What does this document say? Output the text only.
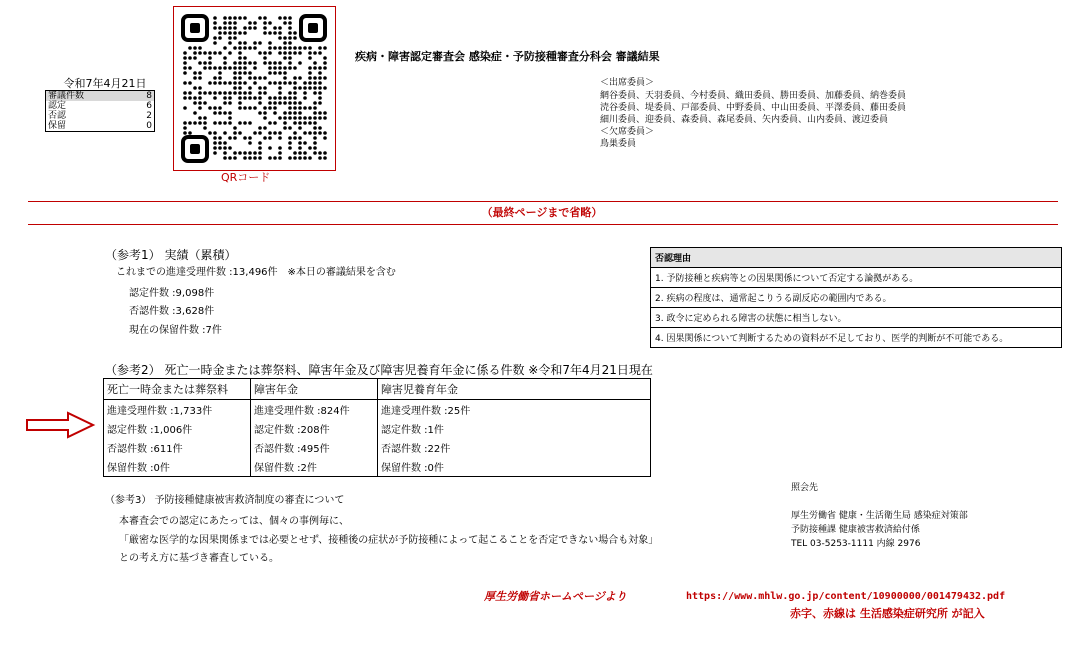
令和7年4月21日
審議件数	8
認定	6
否認	2
保留	0
QRコード
疾病・障害認定審査会 感染症・予防接種審査分科会 審議結果
＜出席委員＞
網谷委員、天羽委員、今村委員、織田委員、勝田委員、加藤委員、納巻委員
涜谷委員、堤委員、戸部委員、中野委員、中山田委員、平澤委員、藤田委員
細川委員、迎委員、森委員、森尾委員、矢内委員、山内委員、渡辺委員
＜欠席委員＞
鳥巣委員
（最終ページまで省略）
（参考1） 実績（累積）
これまでの進達受理件数 :13,496件　※本日の審議結果を含む
認定件数 :9,098件
否認件数 :3,628件
現在の保留件数 :7件
否認理由
1. 予防接種と疾病等との因果関係について否定する論拠がある。
2. 疾病の程度は、通常起こりうる副反応の範囲内である。
3. 政令に定められる障害の状態に相当しない。
4. 因果関係について判断するための資料が不足しており、医学的判断が不可能である。
（参考2） 死亡一時金または葬祭料、障害年金及び障害児養育年金に係る件数 ※令和7年4月21日現在
死亡一時金または葬祭料	障害年金	障害児養育年金
進達受理件数 :1,733件	進達受理件数 :824件	進達受理件数 :25件
認定件数 :1,006件	認定件数 :208件	認定件数 :1件
否認件数 :611件	否認件数 :495件	否認件数 :22件
保留件数 :0件	保留件数 :2件	保留件数 :0件
（参考3） 予防接種健康被害救済制度の審査について
本審査会での認定にあたっては、個々の事例毎に、
「厳密な医学的な因果関係までは必要とせず、接種後の症状が予防接種によって起こることを否定できない場合も対象」
との考え方に基づき審査している。
照会先
厚生労働省 健康・生活衛生局 感染症対策部
予防接種課 健康被害救済給付係
TEL 03-5253-1111 内線 2976
厚生労働省ホームページより	https://www.mhlw.go.jp/content/10900000/001479432.pdf
赤字、赤線は 生活感染症研究所 が記入
